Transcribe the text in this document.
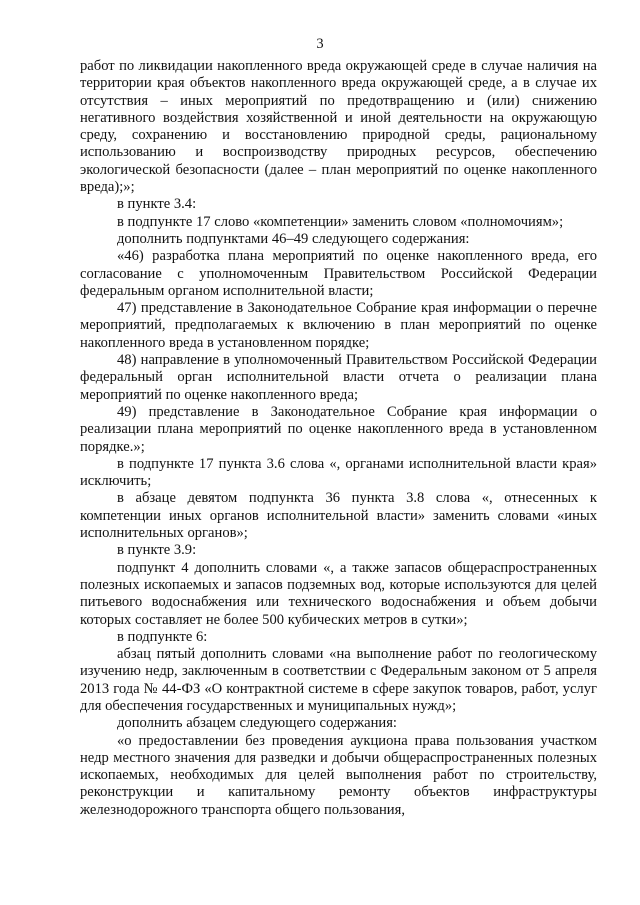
3

работ по ликвидации накопленного вреда окружающей среде в случае наличия на территории края объектов накопленного вреда окружающей среде, а в случае их отсутствия – иных мероприятий по предотвращению и (или) снижению негативного воздействия хозяйственной и иной деятельности на окружающую среду, сохранению и восстановлению природной среды, рациональному использованию и воспроизводству природных ресурсов, обеспечению экологической безопасности (далее – план мероприятий по оценке накопленного вреда);»;

в пункте 3.4:

в подпункте 17 слово «компетенции» заменить словом «полномочиям»;

дополнить подпунктами 46–49 следующего содержания:

«46) разработка плана мероприятий по оценке накопленного вреда, его согласование с уполномоченным Правительством Российской Федерации федеральным органом исполнительной власти;

47) представление в Законодательное Собрание края информации о перечне мероприятий, предполагаемых к включению в план мероприятий по оценке накопленного вреда в установленном порядке;

48) направление в уполномоченный Правительством Российской Федерации федеральный орган исполнительной власти отчета о реализации плана мероприятий по оценке накопленного вреда;

49) представление в Законодательное Собрание края информации о реализации плана мероприятий по оценке накопленного вреда в установленном порядке.»;

в подпункте 17 пункта 3.6 слова «, органами исполнительной власти края» исключить;

в абзаце девятом подпункта 36 пункта 3.8 слова «, отнесенных к компетенции иных органов исполнительной власти» заменить словами «иных исполнительных органов»;

в пункте 3.9:

подпункт 4 дополнить словами «, а также запасов общераспространенных полезных ископаемых и запасов подземных вод, которые используются для целей питьевого водоснабжения или технического водоснабжения и объем добычи которых составляет не более 500 кубических метров в сутки»;

в подпункте 6:

абзац пятый дополнить словами «на выполнение работ по геологическому изучению недр, заключенным в соответствии с Федеральным законом от 5 апреля 2013 года № 44-ФЗ «О контрактной системе в сфере закупок товаров, работ, услуг для обеспечения государственных и муниципальных нужд»;

дополнить абзацем следующего содержания:

«о предоставлении без проведения аукциона права пользования участком недр местного значения для разведки и добычи общераспространенных полезных ископаемых, необходимых для целей выполнения работ по строительству, реконструкции и капитальному ремонту объектов инфраструктуры железнодорожного транспорта общего пользования,
